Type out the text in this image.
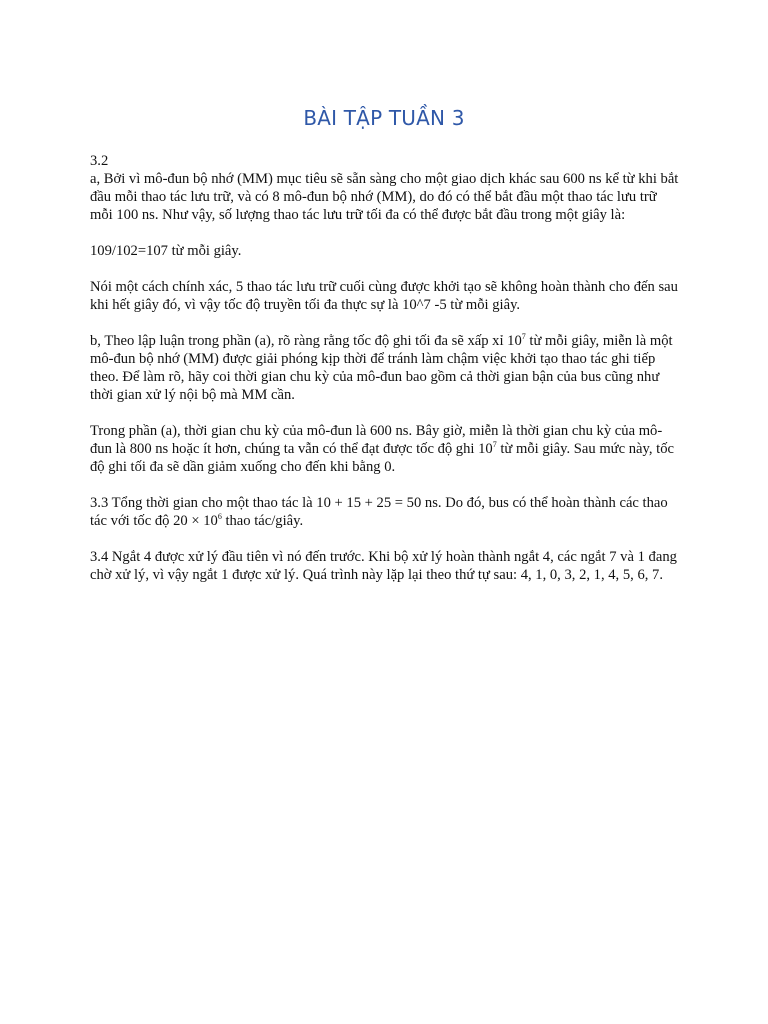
BÀI TẬP TUẦN 3

3.2

a, Bởi vì mô-đun bộ nhớ (MM) mục tiêu sẽ sẵn sàng cho một giao dịch khác sau 600 ns kể từ khi bắt đầu mỗi thao tác lưu trữ, và có 8 mô-đun bộ nhớ (MM), do đó có thể bắt đầu một thao tác lưu trữ mỗi 100 ns. Như vậy, số lượng thao tác lưu trữ tối đa có thể được bắt đầu trong một giây là:

109/102=107 từ mỗi giây.

Nói một cách chính xác, 5 thao tác lưu trữ cuối cùng được khởi tạo sẽ không hoàn thành cho đến sau khi hết giây đó, vì vậy tốc độ truyền tối đa thực sự là 10^7 -5 từ mỗi giây.

b, Theo lập luận trong phần (a), rõ ràng rằng tốc độ ghi tối đa sẽ xấp xỉ $10^7$ từ mỗi giây, miễn là một mô-đun bộ nhớ (MM) được giải phóng kịp thời để tránh làm chậm việc khởi tạo thao tác ghi tiếp theo. Để làm rõ, hãy coi thời gian chu kỳ của mô-đun bao gồm cả thời gian bận của bus cũng như thời gian xử lý nội bộ mà MM cần.

Trong phần (a), thời gian chu kỳ của mô-đun là 600 ns. Bây giờ, miễn là thời gian chu kỳ của mô-đun là 800 ns hoặc ít hơn, chúng ta vẫn có thể đạt được tốc độ ghi $10^7$ từ mỗi giây. Sau mức này, tốc độ ghi tối đa sẽ dần giảm xuống cho đến khi bằng 0.

3.3 Tổng thời gian cho một thao tác là 10 + 15 + 25 = 50 ns. Do đó, bus có thể hoàn thành các thao tác với tốc độ $20 \times 10^6$ thao tác/giây.

3.4 Ngắt 4 được xử lý đầu tiên vì nó đến trước. Khi bộ xử lý hoàn thành ngắt 4, các ngắt 7 và 1 đang chờ xử lý, vì vậy ngắt 1 được xử lý. Quá trình này lặp lại theo thứ tự sau: 4, 1, 0, 3, 2, 1, 4, 5, 6, 7.
